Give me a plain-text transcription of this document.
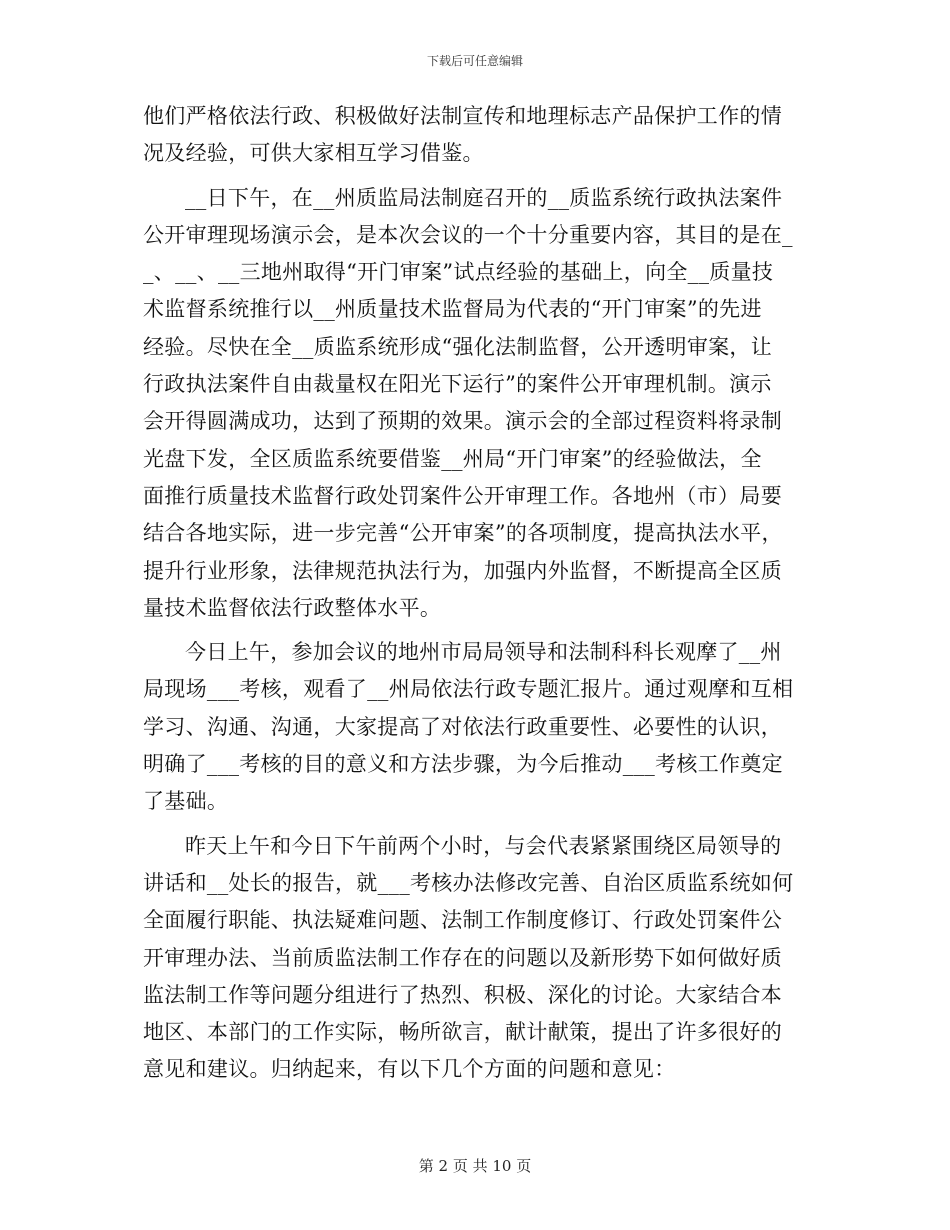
下载后可任意编辑
他们严格依法行政、积极做好法制宣传和地理标志产品保护工作的情
况及经验，可供大家相互学习借鉴。
__日下午，在__州质监局法制庭召开的__质监系统行政执法案件
公开审理现场演示会，是本次会议的一个十分重要内容，其目的是在_
_、__、__三地州取得“开门审案”试点经验的基础上，向全__质量技
术监督系统推行以__州质量技术监督局为代表的“开门审案”的先进
经验。尽快在全__质监系统形成“强化法制监督，公开透明审案，让
行政执法案件自由裁量权在阳光下运行”的案件公开审理机制。演示
会开得圆满成功，达到了预期的效果。演示会的全部过程资料将录制
光盘下发，全区质监系统要借鉴__州局“开门审案”的经验做法，全
面推行质量技术监督行政处罚案件公开审理工作。各地州（市）局要
结合各地实际，进一步完善“公开审案”的各项制度，提高执法水平，
提升行业形象，法律规范执法行为，加强内外监督，不断提高全区质
量技术监督依法行政整体水平。
今日上午，参加会议的地州市局局领导和法制科科长观摩了__州
局现场___考核，观看了__州局依法行政专题汇报片。通过观摩和互相
学习、沟通、沟通，大家提高了对依法行政重要性、必要性的认识，
明确了___考核的目的意义和方法步骤，为今后推动___考核工作奠定
了基础。
昨天上午和今日下午前两个小时，与会代表紧紧围绕区局领导的
讲话和__处长的报告，就___考核办法修改完善、自治区质监系统如何
全面履行职能、执法疑难问题、法制工作制度修订、行政处罚案件公
开审理办法、当前质监法制工作存在的问题以及新形势下如何做好质
监法制工作等问题分组进行了热烈、积极、深化的讨论。大家结合本
地区、本部门的工作实际，畅所欲言，献计献策，提出了许多很好的
意见和建议。归纳起来，有以下几个方面的问题和意见：
第 2 页 共 10 页
